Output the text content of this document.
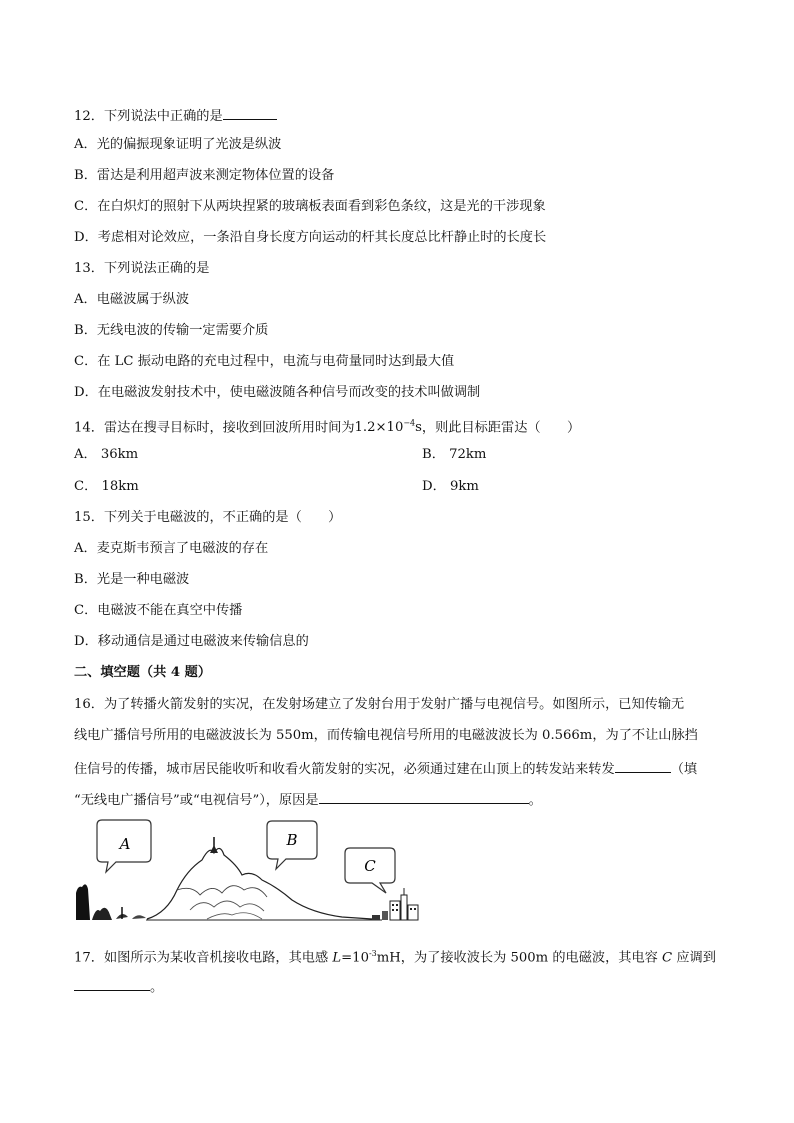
12．下列说法中正确的是
A．光的偏振现象证明了光波是纵波
B．雷达是利用超声波来测定物体位置的设备
C．在白炽灯的照射下从两块捏紧的玻璃板表面看到彩色条纹，这是光的干涉现象
D．考虑相对论效应，一条沿自身长度方向运动的杆其长度总比杆静止时的长度长
13．下列说法正确的是
A．电磁波属于纵波
B．无线电波的传输一定需要介质
C．在 LC 振动电路的充电过程中，电流与电荷量同时达到最大值
D．在电磁波发射技术中，使电磁波随各种信号而改变的技术叫做调制
14．雷达在搜寻目标时，接收到回波所用时间为$1.2\times 10^{-4}s$，则此目标距雷达（　　）
A． 36km	B． 72km
C． 18km	D． 9km
15．下列关于电磁波的，不正确的是（　　）
A．麦克斯韦预言了电磁波的存在
B．光是一种电磁波
C．电磁波不能在真空中传播
D．移动通信是通过电磁波来传输信息的
二、填空题（共 4 题）
16．为了转播火箭发射的实况，在发射场建立了发射台用于发射广播与电视信号。如图所示，已知传输无
线电广播信号所用的电磁波波长为 550m，而传输电视信号所用的电磁波波长为 0.566m，为了不让山脉挡
住信号的传播，城市居民能收听和收看火箭发射的实况，必须通过建在山顶上的转发站来转发	（填
“无线电广播信号”或“电视信号”），原因是	。
A	B
C
17．如图所示为某收音机接收电路，其电感 $L=10^{-3}mH$，为了接收波长为 500m 的电磁波，其电容 C 应调到
。
